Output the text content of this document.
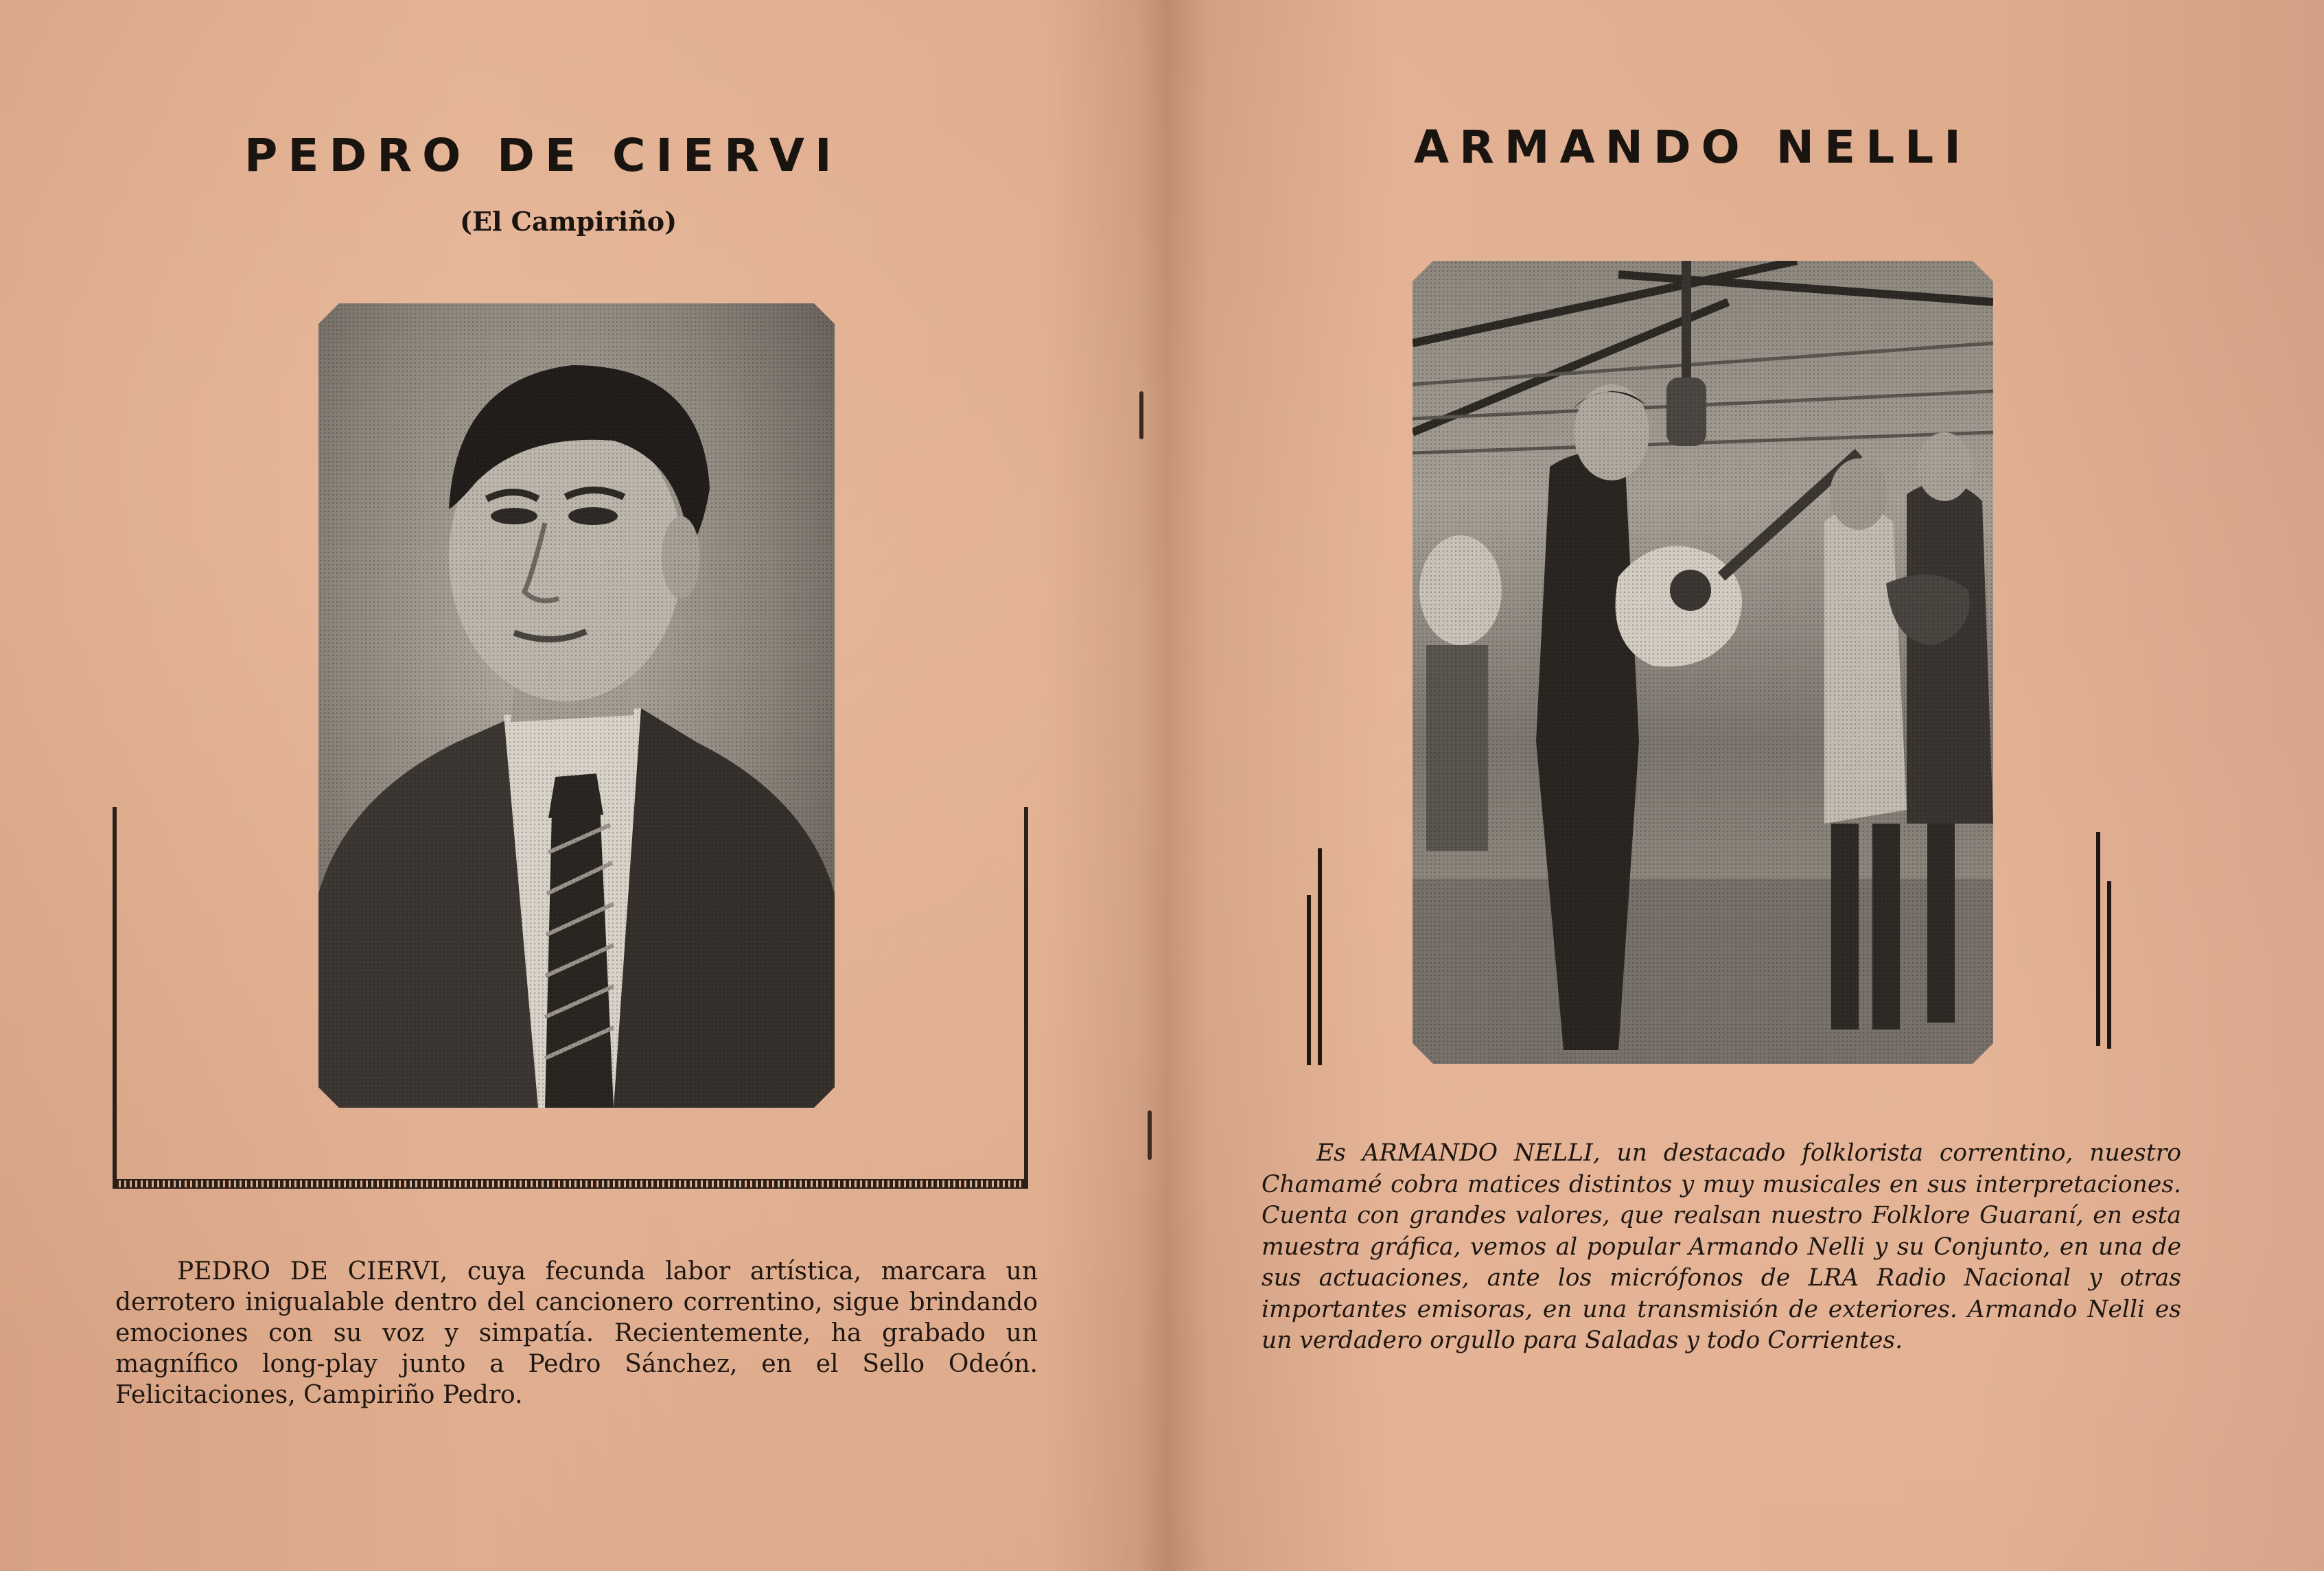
PEDRO DE CIERVI
(El Campiriño)

PEDRO DE CIERVI, cuya fecunda labor artística, marcara un derrotero inigualable dentro del cancionero correntino, sigue brindando emociones con su voz y simpatía. Recientemente, ha grabado un magnífico long-play junto a Pedro Sánchez, en el Sello Odeón. Felicitaciones, Campiriño Pedro.

ARMANDO NELLI

Es ARMANDO NELLI, un destacado folklorista correntino, nuestro Chamamé cobra matices distintos y muy musicales en sus interpretaciones. Cuenta con grandes valores, que realsan nuestro Folklore Guaraní, en esta muestra gráfica, vemos al popular Armando Nelli y su Conjunto, en una de sus actuaciones, ante los micrófonos de LRA Radio Nacional y otras importantes emisoras, en una transmisión de exteriores. Armando Nelli es un verdadero orgullo para Saladas y todo Corrientes.
